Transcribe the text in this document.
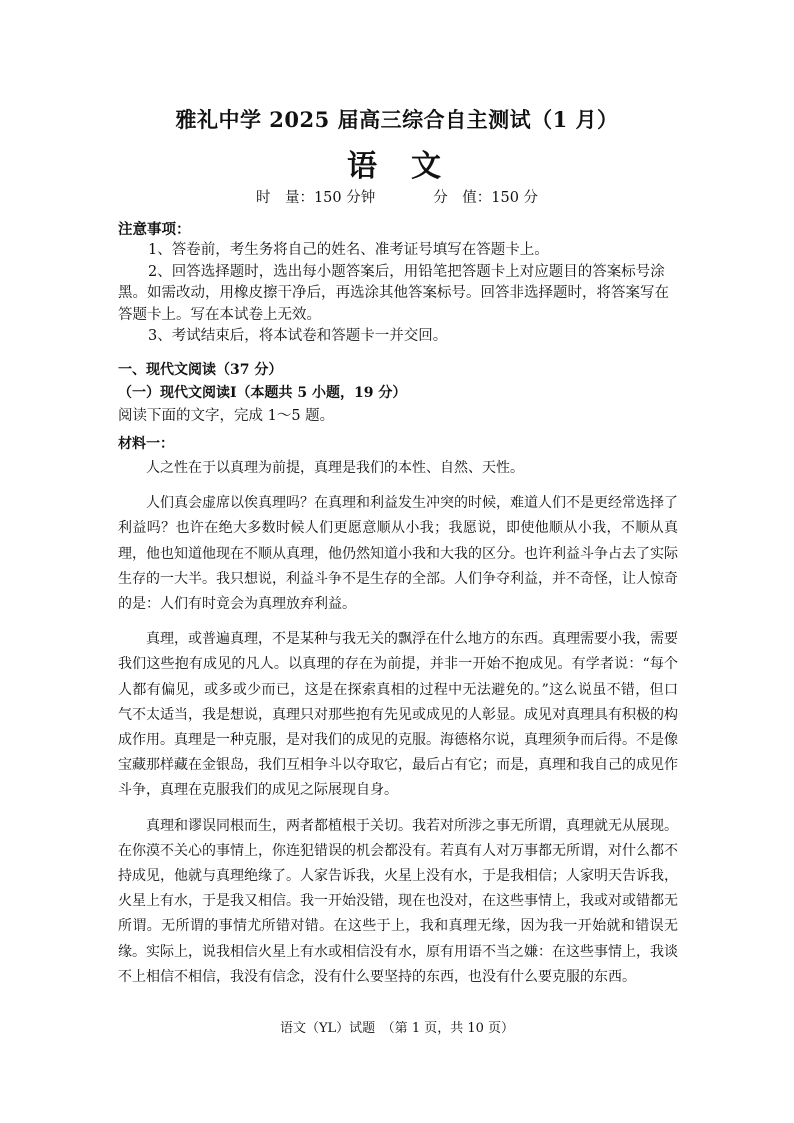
雅礼中学 2025 届高三综合自主测试（1 月）
语 文
时　量：150 分钟	分　值：150 分
注意事项：

1、答卷前，考生务将自己的姓名、准考证号填写在答题卡上。

2、回答选择题时，选出每小题答案后，用铅笔把答题卡上对应题目的答案标号涂黑。如需改动，用橡皮擦干净后，再选涂其他答案标号。回答非选择题时，将答案写在答题卡上。写在本试卷上无效。

3、考试结束后，将本试卷和答题卡一并交回。

一、现代文阅读（37 分）
（一）现代文阅读Ⅰ（本题共 5 小题，19 分）
阅读下面的文字，完成 1～5 题。
材料一：

人之性在于以真理为前提，真理是我们的本性、自然、天性。

人们真会虚席以俟真理吗？在真理和利益发生冲突的时候，难道人们不是更经常选择了利益吗？也许在绝大多数时候人们更愿意顺从小我；我愿说，即使他顺从小我，不顺从真理，他也知道他现在不顺从真理，他仍然知道小我和大我的区分。也许利益斗争占去了实际生存的一大半。我只想说，利益斗争不是生存的全部。人们争夺利益，并不奇怪，让人惊奇的是：人们有时竟会为真理放弃利益。

真理，或普遍真理，不是某种与我无关的飘浮在什么地方的东西。真理需要小我，需要我们这些抱有成见的凡人。以真理的存在为前提，并非一开始不抱成见。有学者说：“每个人都有偏见，或多或少而已，这是在探索真相的过程中无法避免的。”这么说虽不错，但口气不太适当，我是想说，真理只对那些抱有先见或成见的人彰显。成见对真理具有积极的构成作用。真理是一种克服，是对我们的成见的克服。海德格尔说，真理须争而后得。不是像宝藏那样藏在金银岛，我们互相争斗以夺取它，最后占有它；而是，真理和我自己的成见作斗争，真理在克服我们的成见之际展现自身。

真理和谬误同根而生，两者都植根于关切。我若对所涉之事无所谓，真理就无从展现。在你漠不关心的事情上，你连犯错误的机会都没有。若真有人对万事都无所谓，对什么都不持成见，他就与真理绝缘了。人家告诉我，火星上没有水，于是我相信；人家明天告诉我，火星上有水，于是我又相信。我一开始没错，现在也没对，在这些事情上，我或对或错都无所谓。无所谓的事情尤所错对错。在这些于上，我和真理无缘，因为我一开始就和错误无缘。实际上，说我相信火星上有水或相信没有水，原有用语不当之嫌：在这些事情上，我谈不上相信不相信，我没有信念，没有什么要坚持的东西，也没有什么要克服的东西。

语文（YL）试题　（第 1 页，共 10 页）
